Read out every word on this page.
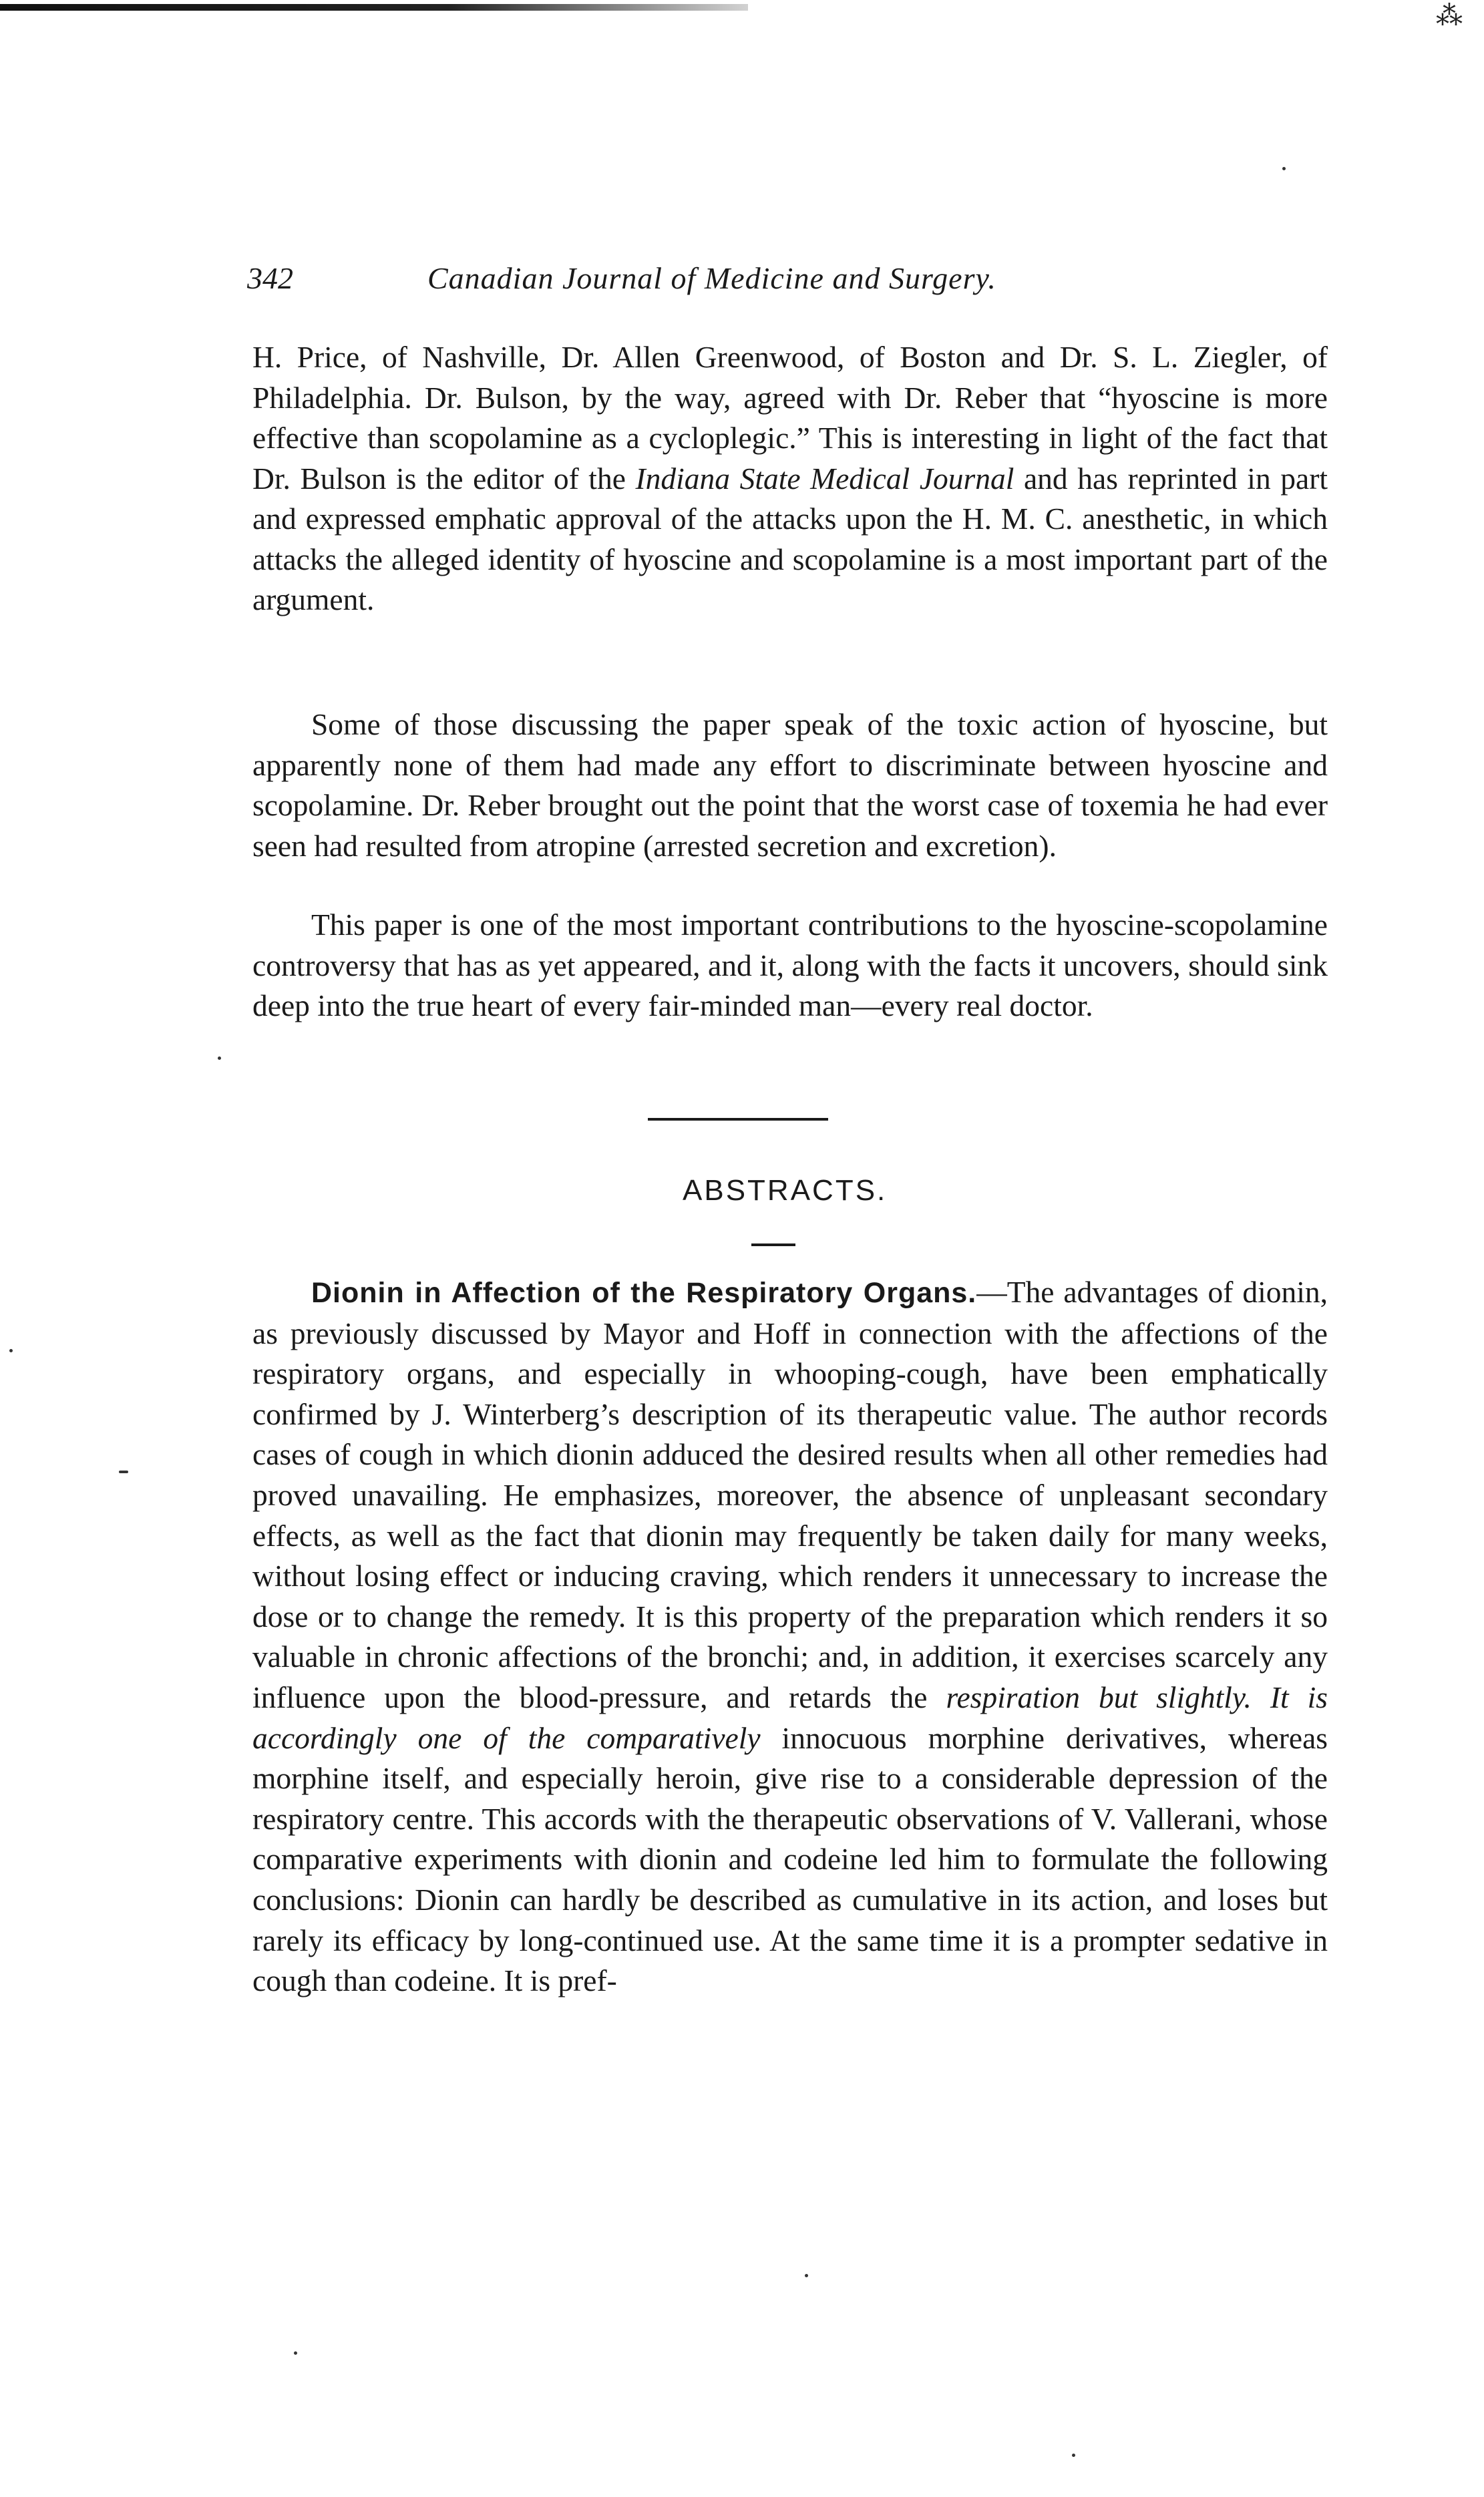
⁂
342	Canadian Journal of Medicine and Surgery.

H. Price, of Nashville, Dr. Allen Greenwood, of Boston and Dr. S. L. Ziegler, of Philadelphia. Dr. Bulson, by the way, agreed with Dr. Reber that “hyoscine is more effective than scopolamine as a cycloplegic.” This is interesting in light of the fact that Dr. Bulson is the editor of the Indiana State Medical Journal and has reprinted in part and expressed emphatic approval of the attacks upon the H. M. C. anesthetic, in which attacks the alleged identity of hyoscine and scopolamine is a most important part of the argument.

Some of those discussing the paper speak of the toxic action of hyoscine, but apparently none of them had made any effort to discriminate between hyoscine and scopolamine. Dr. Reber brought out the point that the worst case of toxemia he had ever seen had resulted from atropine (arrested secretion and excretion).

This paper is one of the most important contributions to the hyoscine-scopolamine controversy that has as yet appeared, and it, along with the facts it uncovers, should sink deep into the true heart of every fair-minded man—every real doctor.

ABSTRACTS.

Dionin in Affection of the Respiratory Organs.—The advantages of dionin, as previously discussed by Mayor and Hoff in connection with the affections of the respiratory organs, and especially in whooping-cough, have been emphatically confirmed by J. Winterberg’s description of its therapeutic value. The author records cases of cough in which dionin adduced the desired results when all other remedies had proved unavailing. He emphasizes, moreover, the absence of unpleasant secondary effects, as well as the fact that dionin may frequently be taken daily for many weeks, without losing effect or inducing craving, which renders it unnecessary to increase the dose or to change the remedy. It is this property of the preparation which renders it so valuable in chronic affections of the bronchi; and, in addition, it exercises scarcely any influence upon the blood-pressure, and retards the respiration but slightly. It is accordingly one of the comparatively innocuous morphine derivatives, whereas morphine itself, and especially heroin, give rise to a considerable depression of the respiratory centre. This accords with the therapeutic observations of V. Vallerani, whose comparative experiments with dionin and codeine led him to formulate the following conclusions: Dionin can hardly be described as cumulative in its action, and loses but rarely its efficacy by long-continued use. At the same time it is a prompter sedative in cough than codeine. It is pref-
